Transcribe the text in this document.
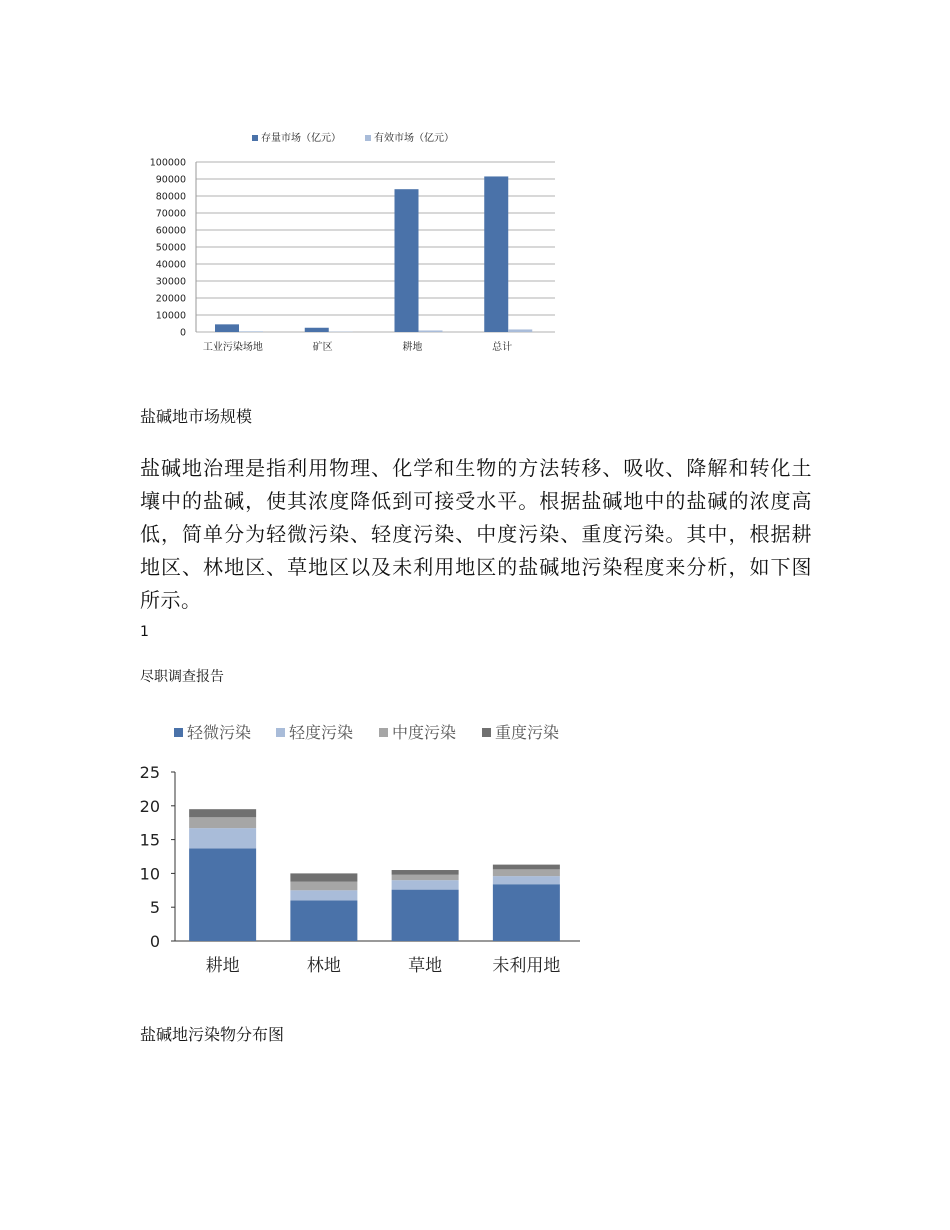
存量市场（亿元）	有效市场（亿元）
0
10000
20000
30000
40000
50000
60000
70000
80000
90000
100000
工业污染场地	矿区	耕地	总计
盐碱地市场规模
盐碱地治理是指利用物理、化学和生物的方法转移、吸收、降解和转化土壤中的盐碱，使其浓度降低到可接受水平。根据盐碱地中的盐碱的浓度高低，简单分为轻微污染、轻度污染、中度污染、重度污染。其中，根据耕地区、林地区、草地区以及未利用地区的盐碱地污染程度来分析，如下图所示。
1
尽职调查报告
轻微污染 轻度污染 中度污染 重度污染
0
5
10
15
20
25
耕地	林地	草地	未利用地
盐碱地污染物分布图
